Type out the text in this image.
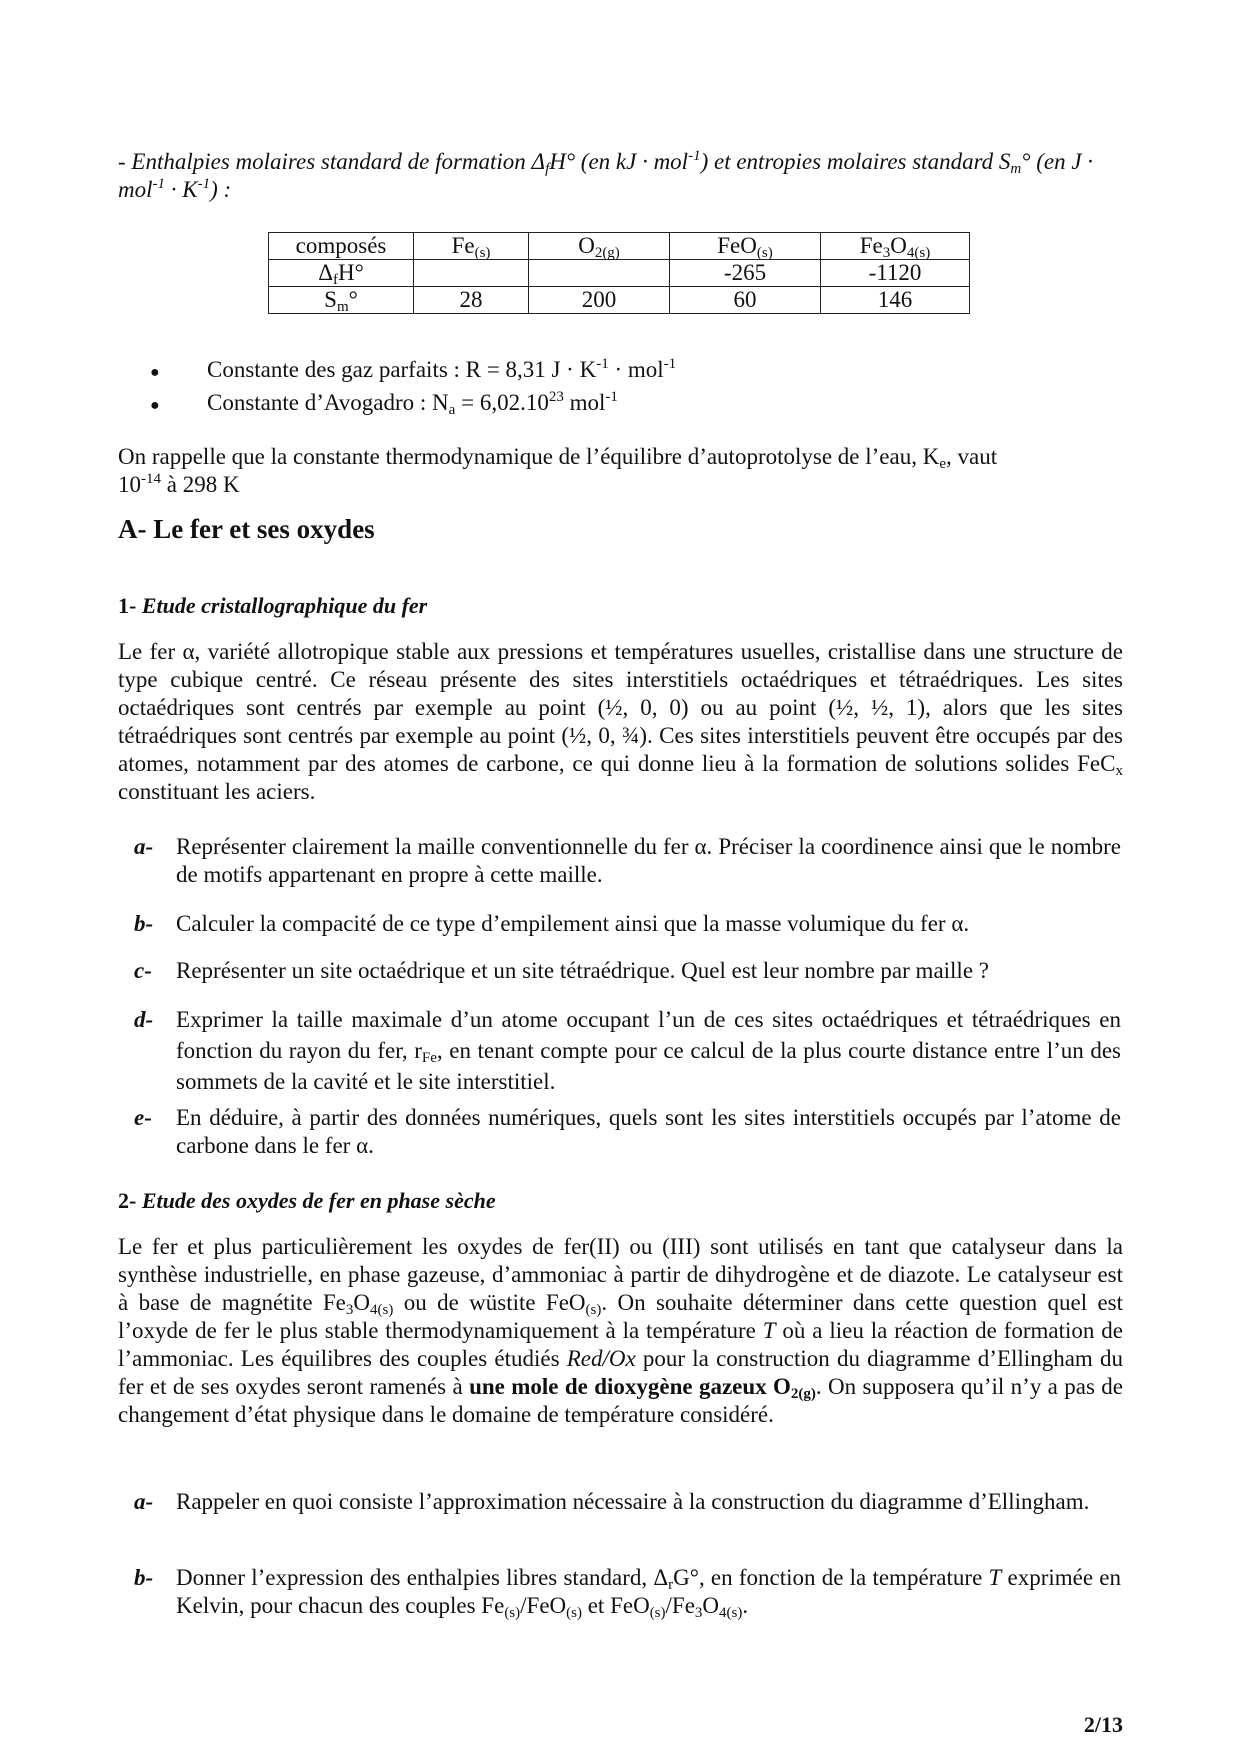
- Enthalpies molaires standard de formation $\Delta_fH^\circ$ (en kJ · mol$^{-1}$) et entropies molaires standard $S_m^\circ$ (en $J \cdot mol^{-1} \cdot K^{-1}$) :
composés	$Fe_{(s)}$	$O_{2(g)}$	FeO$_{(s)}$	$Fe_3O_{4(s)}$
$\Delta_fH^\circ$			-265	-1120
$S_m^\circ$	28	200	60	146
●	Constante des gaz parfaits : R = 8,31 $J \cdot K^{-1} \cdot mol^{-1}$
●	Constante d’Avogadro : $N_a = 6,02.10^{23}$ mol$^{-1}$
On rappelle que la constante thermodynamique de l’équilibre d’autoprotolyse de l’eau, $K_e$, vaut
$10^{-14}$ à 298 K
A- Le fer et ses oxydes
1- Etude cristallographique du fer
Le fer α, variété allotropique stable aux pressions et températures usuelles, cristallise dans une structure de type cubique centré. Ce réseau présente des sites interstitiels octaédriques et tétraédriques. Les sites octaédriques sont centrés par exemple au point (½, 0, 0) ou au point (½, ½, 1), alors que les sites tétraédriques sont centrés par exemple au point (½, 0, ¾). Ces sites interstitiels peuvent être occupés par des atomes, notamment par des atomes de carbone, ce qui donne lieu à la formation de solutions solides FeC$_x$ constituant les aciers.
a- Représenter clairement la maille conventionnelle du fer α. Préciser la coordinence ainsi que le nombre de motifs appartenant en propre à cette maille.
b- Calculer la compacité de ce type d’empilement ainsi que la masse volumique du fer α.
c- Représenter un site octaédrique et un site tétraédrique. Quel est leur nombre par maille ?
d- Exprimer la taille maximale d’un atome occupant l’un de ces sites octaédriques et tétraédriques en fonction du rayon du fer, $r_{Fe}$, en tenant compte pour ce calcul de la plus courte distance entre l’un des sommets de la cavité et le site interstitiel.
e- En déduire, à partir des données numériques, quels sont les sites interstitiels occupés par l’atome de carbone dans le fer α.
2- Etude des oxydes de fer en phase sèche
Le fer et plus particulièrement les oxydes de fer(II) ou (III) sont utilisés en tant que catalyseur dans la synthèse industrielle, en phase gazeuse, d’ammoniac à partir de dihydrogène et de diazote. Le catalyseur est à base de magnétite $Fe_3O_{4(s)}$ ou de wüstite FeO$_{(s)}$. On souhaite déterminer dans cette question quel est l’oxyde de fer le plus stable thermodynamiquement à la température T où a lieu la réaction de formation de l’ammoniac. Les équilibres des couples étudiés Red/Ox pour la construction du diagramme d’Ellingham du fer et de ses oxydes seront ramenés à une mole de dioxygène gazeux $O_{2(g)}$. On supposera qu’il n’y a pas de changement d’état physique dans le domaine de température considéré.
a- Rappeler en quoi consiste l’approximation nécessaire à la construction du diagramme d’Ellingham.
b- Donner l’expression des enthalpies libres standard, $\Delta_rG^\circ$, en fonction de la température T exprimée en Kelvin, pour chacun des couples $Fe_{(s)}/FeO_{(s)}$ et $FeO_{(s)}/Fe_3O_{4(s)}$.
2/13
